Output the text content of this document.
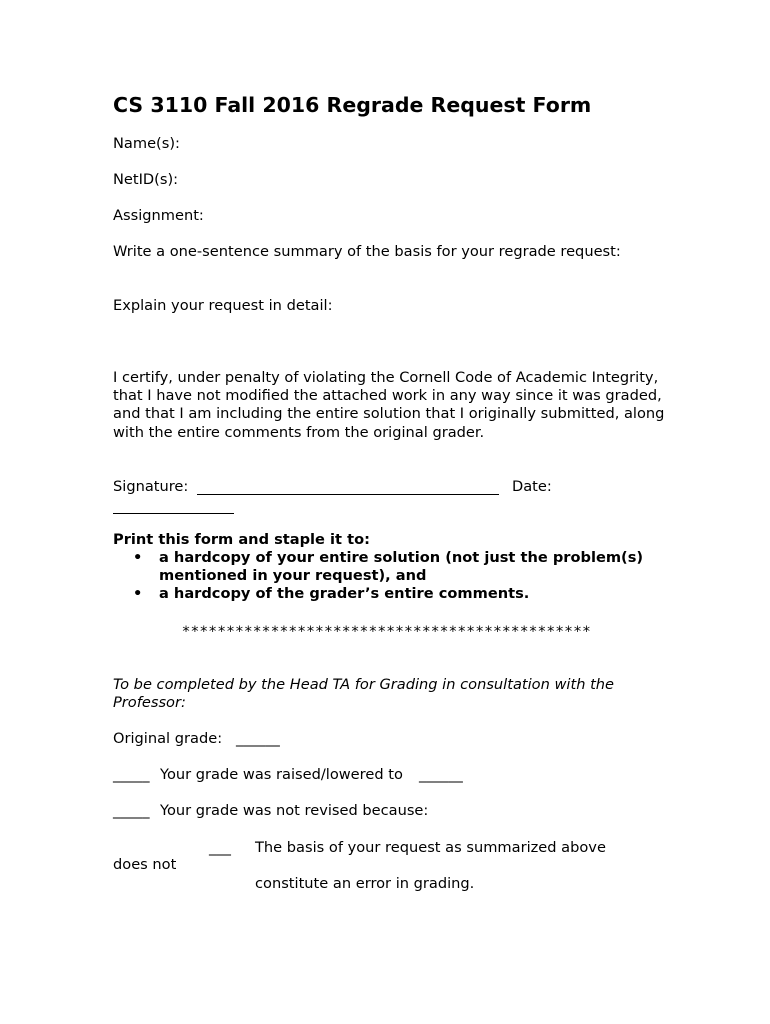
CS 3110 Fall 2016 Regrade Request Form
Name(s):
NetID(s):
Assignment:
Write a one-sentence summary of the basis for your regrade request:
Explain your request in detail:
I certify, under penalty of violating the Cornell Code of Academic Integrity, that I have not modified the attached work in any way since it was graded, and that I am including the entire solution that I originally submitted, along with the entire comments from the original grader.
Signature:	Date:
Print this form and staple it to:
• a hardcopy of your entire solution (not just the problem(s) mentioned in your request), and
• a hardcopy of the grader’s entire comments.
**********************************************
To be completed by the Head TA for Grading in consultation with the Professor:
Original grade: ______
_____ Your grade was raised/lowered to ______
_____ Your grade was not revised because:
___ The basis of your request as summarized above
does not
constitute an error in grading.
